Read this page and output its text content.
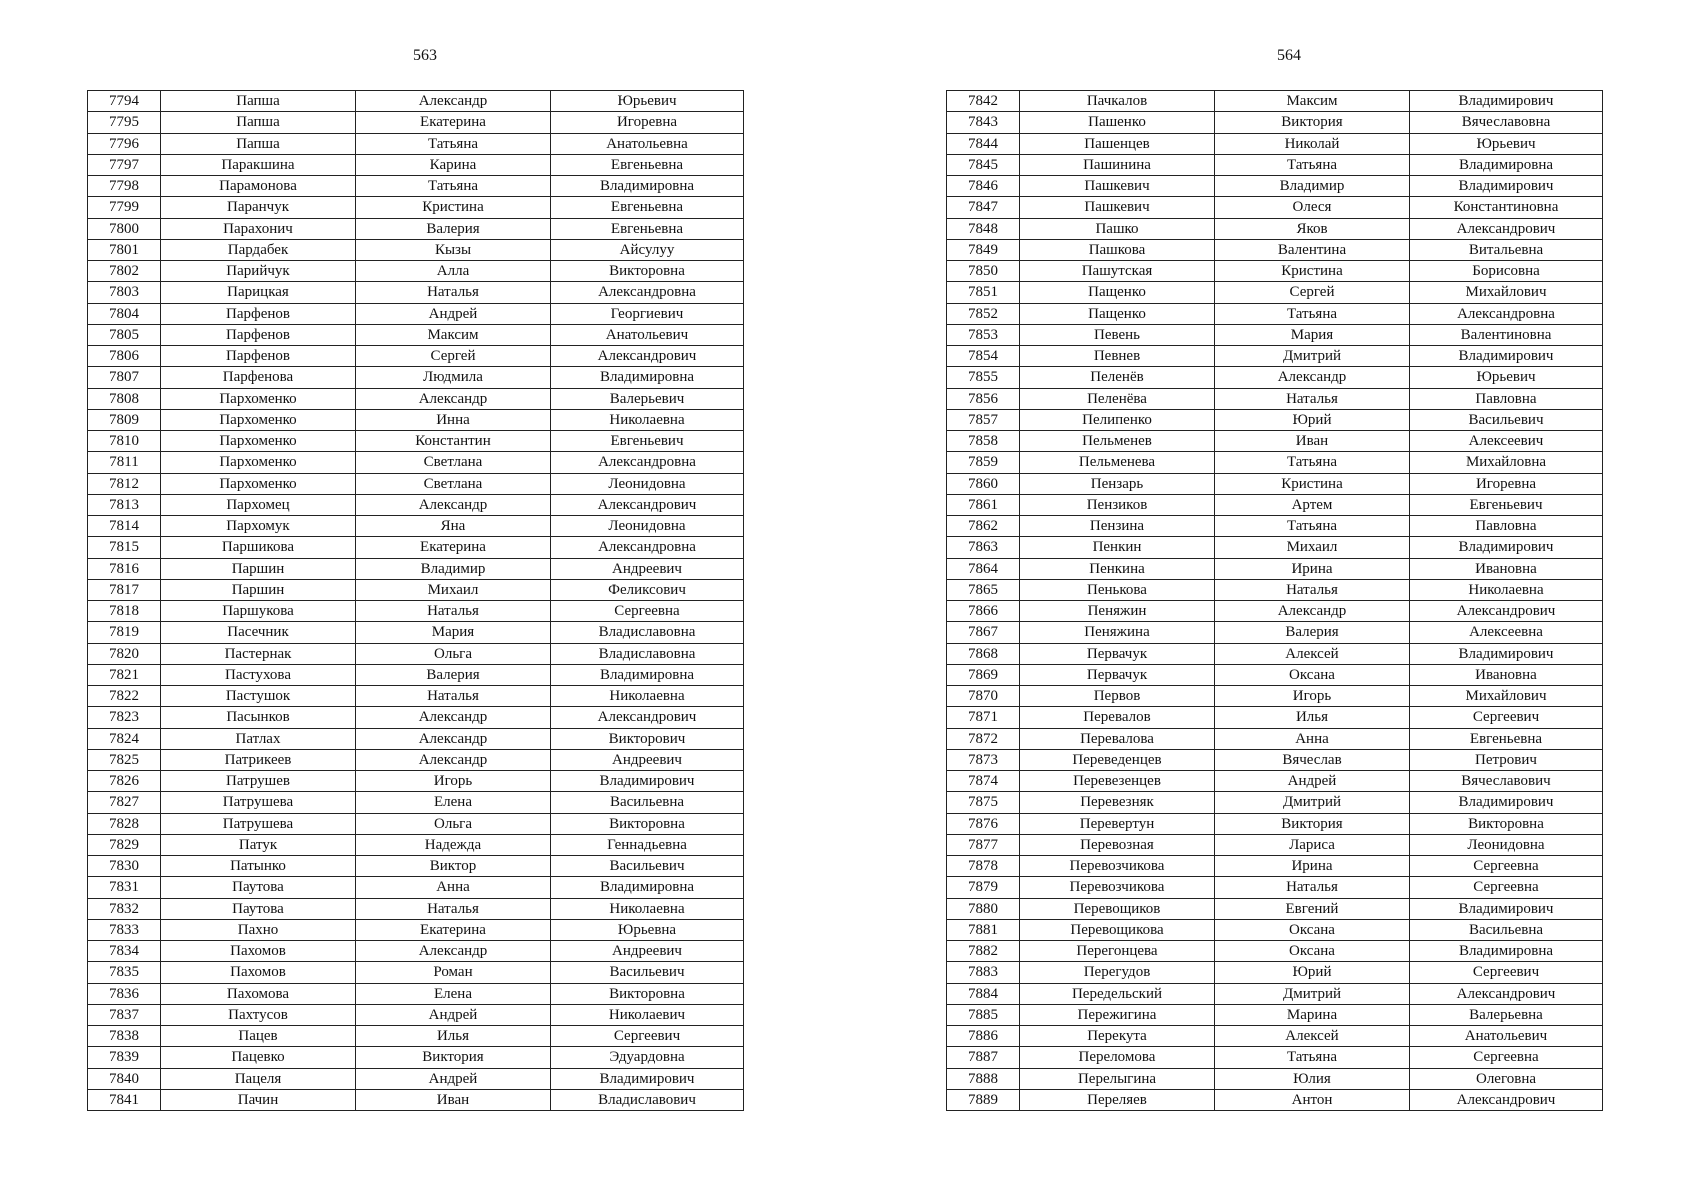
563
7794	Папша	Александр	Юрьевич
7795	Папша	Екатерина	Игоревна
7796	Папша	Татьяна	Анатольевна
7797	Паракшина	Карина	Евгеньевна
7798	Парамонова	Татьяна	Владимировна
7799	Паранчук	Кристина	Евгеньевна
7800	Парахонич	Валерия	Евгеньевна
7801	Пардабек	Кызы	Айсулуу
7802	Парийчук	Алла	Викторовна
7803	Парицкая	Наталья	Александровна
7804	Парфенов	Андрей	Георгиевич
7805	Парфенов	Максим	Анатольевич
7806	Парфенов	Сергей	Александрович
7807	Парфенова	Людмила	Владимировна
7808	Пархоменко	Александр	Валерьевич
7809	Пархоменко	Инна	Николаевна
7810	Пархоменко	Константин	Евгеньевич
7811	Пархоменко	Светлана	Александровна
7812	Пархоменко	Светлана	Леонидовна
7813	Пархомец	Александр	Александрович
7814	Пархомук	Яна	Леонидовна
7815	Паршикова	Екатерина	Александровна
7816	Паршин	Владимир	Андреевич
7817	Паршин	Михаил	Феликсович
7818	Паршукова	Наталья	Сергеевна
7819	Пасечник	Мария	Владиславовна
7820	Пастернак	Ольга	Владиславовна
7821	Пастухова	Валерия	Владимировна
7822	Пастушок	Наталья	Николаевна
7823	Пасынков	Александр	Александрович
7824	Патлах	Александр	Викторович
7825	Патрикеев	Александр	Андреевич
7826	Патрушев	Игорь	Владимирович
7827	Патрушева	Елена	Васильевна
7828	Патрушева	Ольга	Викторовна
7829	Патук	Надежда	Геннадьевна
7830	Патынко	Виктор	Васильевич
7831	Паутова	Анна	Владимировна
7832	Паутова	Наталья	Николаевна
7833	Пахно	Екатерина	Юрьевна
7834	Пахомов	Александр	Андреевич
7835	Пахомов	Роман	Васильевич
7836	Пахомова	Елена	Викторовна
7837	Пахтусов	Андрей	Николаевич
7838	Пацев	Илья	Сергеевич
7839	Пацевко	Виктория	Эдуардовна
7840	Пацеля	Андрей	Владимирович
7841	Пачин	Иван	Владиславович
564
7842	Пачкалов	Максим	Владимирович
7843	Пашенко	Виктория	Вячеславовна
7844	Пашенцев	Николай	Юрьевич
7845	Пашинина	Татьяна	Владимировна
7846	Пашкевич	Владимир	Владимирович
7847	Пашкевич	Олеся	Константиновна
7848	Пашко	Яков	Александрович
7849	Пашкова	Валентина	Витальевна
7850	Пашутская	Кристина	Борисовна
7851	Пащенко	Сергей	Михайлович
7852	Пащенко	Татьяна	Александровна
7853	Певень	Мария	Валентиновна
7854	Певнев	Дмитрий	Владимирович
7855	Пеленёв	Александр	Юрьевич
7856	Пеленёва	Наталья	Павловна
7857	Пелипенко	Юрий	Васильевич
7858	Пельменев	Иван	Алексеевич
7859	Пельменева	Татьяна	Михайловна
7860	Пензарь	Кристина	Игоревна
7861	Пензиков	Артем	Евгеньевич
7862	Пензина	Татьяна	Павловна
7863	Пенкин	Михаил	Владимирович
7864	Пенкина	Ирина	Ивановна
7865	Пенькова	Наталья	Николаевна
7866	Пеняжин	Александр	Александрович
7867	Пеняжина	Валерия	Алексеевна
7868	Первачук	Алексей	Владимирович
7869	Первачук	Оксана	Ивановна
7870	Первов	Игорь	Михайлович
7871	Перевалов	Илья	Сергеевич
7872	Перевалова	Анна	Евгеньевна
7873	Переведенцев	Вячеслав	Петрович
7874	Перевезенцев	Андрей	Вячеславович
7875	Перевезняк	Дмитрий	Владимирович
7876	Перевертун	Виктория	Викторовна
7877	Перевозная	Лариса	Леонидовна
7878	Перевозчикова	Ирина	Сергеевна
7879	Перевозчикова	Наталья	Сергеевна
7880	Перевощиков	Евгений	Владимирович
7881	Перевощикова	Оксана	Васильевна
7882	Перегонцева	Оксана	Владимировна
7883	Перегудов	Юрий	Сергеевич
7884	Передельский	Дмитрий	Александрович
7885	Пережигина	Марина	Валерьевна
7886	Перекута	Алексей	Анатольевич
7887	Переломова	Татьяна	Сергеевна
7888	Перелыгина	Юлия	Олеговна
7889	Переляев	Антон	Александрович
